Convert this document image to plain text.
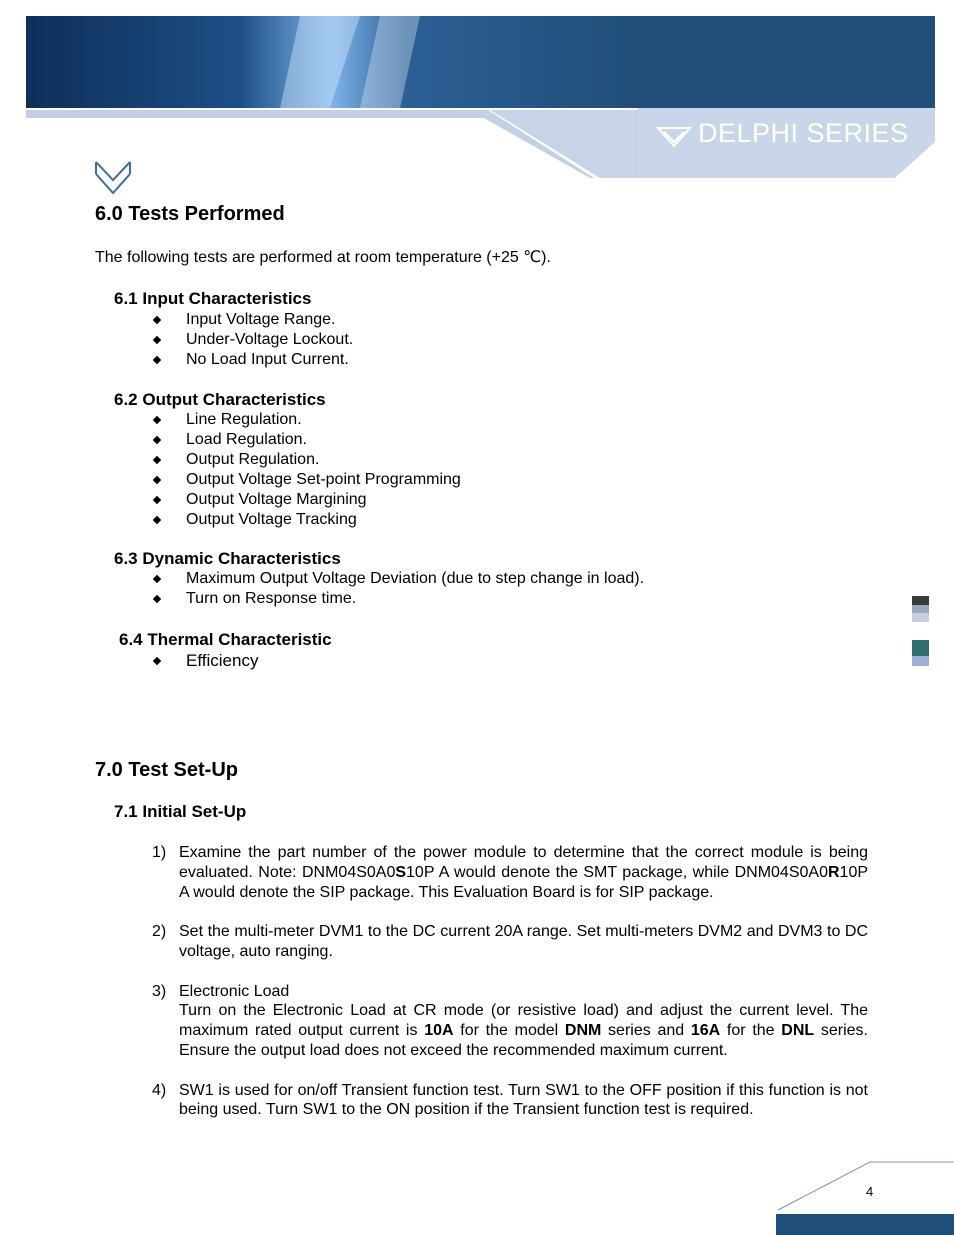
DELPHI SERIES
6.0 Tests Performed

The following tests are performed at room temperature (+25 ℃).

6.1 Input Characteristics
Input Voltage Range.
Under-Voltage Lockout.
No Load Input Current.
6.2 Output Characteristics
Line Regulation.
Load Regulation.
Output Regulation.
Output Voltage Set-point Programming
Output Voltage Margining
Output Voltage Tracking
6.3 Dynamic Characteristics
Maximum Output Voltage Deviation (due to step change in load).
Turn on Response time.
6.4 Thermal Characteristic
Efficiency
7.0 Test Set-Up
7.1 Initial Set-Up
1) Examine the part number of the power module to determine that the correct module is being evaluated. Note: DNM04S0A0S10P A would denote the SMT package, while DNM04S0A0R10P A would denote the SIP package. This Evaluation Board is for SIP package.
2) Set the multi-meter DVM1 to the DC current 20A range. Set multi-meters DVM2 and DVM3 to DC voltage, auto ranging.
3) Electronic Load
Turn on the Electronic Load at CR mode (or resistive load) and adjust the current level. The maximum rated output current is 10A for the model DNM series and 16A for the DNL series. Ensure the output load does not exceed the recommended maximum current.
4) SW1 is used for on/off Transient function test. Turn SW1 to the OFF position if this function is not being used. Turn SW1 to the ON position if the Transient function test is required.
4
